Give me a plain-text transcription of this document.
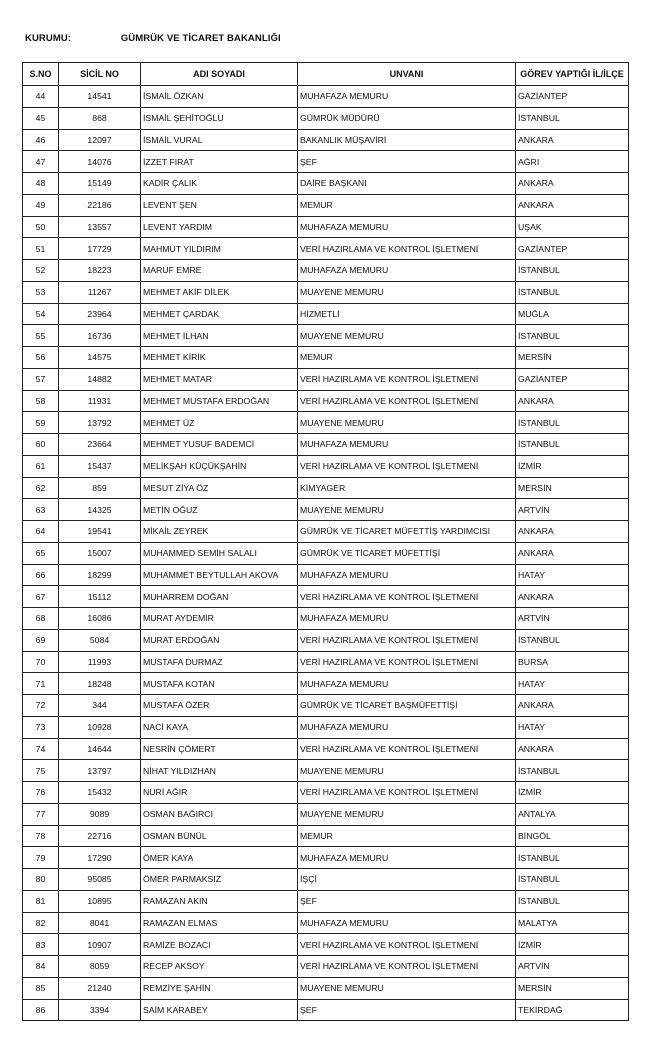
KURUMU:	GÜMRÜK VE TİCARET BAKANLIĞI
S.NO	SİCİL NO	ADI SOYADI	UNVANI	GÖREV YAPTIĞI İL/İLÇE
44	14541	İSMAİL ÖZKAN	MUHAFAZA MEMURU	GAZİANTEP
45	868	İSMAİL ŞEHİTOĞLU	GÜMRÜK MÜDÜRÜ	İSTANBUL
46	12097	İSMAİL VURAL	BAKANLIK MÜŞAVİRİ	ANKARA
47	14076	İZZET FIRAT	ŞEF	AĞRI
48	15149	KADİR ÇALIK	DAİRE BAŞKANI	ANKARA
49	22186	LEVENT ŞEN	MEMUR	ANKARA
50	13557	LEVENT YARDIM	MUHAFAZA MEMURU	UŞAK
51	17729	MAHMUT YILDIRIM	VERİ HAZIRLAMA VE KONTROL İŞLETMENİ	GAZİANTEP
52	18223	MARUF EMRE	MUHAFAZA MEMURU	İSTANBUL
53	11267	MEHMET AKİF DİLEK	MUAYENE MEMURU	İSTANBUL
54	23964	MEHMET ÇARDAK	HİZMETLİ	MUĞLA
55	16736	MEHMET İLHAN	MUAYENE MEMURU	İSTANBUL
56	14575	MEHMET KİRİK	MEMUR	MERSİN
57	14882	MEHMET MATAR	VERİ HAZIRLAMA VE KONTROL İŞLETMENİ	GAZİANTEP
58	11931	MEHMET MUSTAFA ERDOĞAN	VERİ HAZIRLAMA VE KONTROL İŞLETMENİ	ANKARA
59	13792	MEHMET ÜZ	MUAYENE MEMURU	İSTANBUL
60	23664	MEHMET YUSUF BADEMCİ	MUHAFAZA MEMURU	İSTANBUL
61	15437	MELİKŞAH KÜÇÜKŞAHİN	VERİ HAZIRLAMA VE KONTROL İŞLETMENİ	İZMİR
62	859	MESUT ZİYA ÖZ	KİMYAGER	MERSİN
63	14325	METİN OĞUZ	MUAYENE MEMURU	ARTVİN
64	19541	MİKAİL ZEYREK	GÜMRÜK VE TİCARET MÜFETTİŞ YARDIMCISI	ANKARA
65	15007	MUHAMMED SEMİH SALALI	GÜMRÜK VE TİCARET MÜFETTİŞİ	ANKARA
66	18299	MUHAMMET BEYTULLAH AKOVA	MUHAFAZA MEMURU	HATAY
67	15112	MUHARREM DOĞAN	VERİ HAZIRLAMA VE KONTROL İŞLETMENİ	ANKARA
68	16086	MURAT AYDEMİR	MUHAFAZA MEMURU	ARTVİN
69	5084	MURAT ERDOĞAN	VERİ HAZIRLAMA VE KONTROL İŞLETMENİ	İSTANBUL
70	11993	MUSTAFA DURMAZ	VERİ HAZIRLAMA VE KONTROL İŞLETMENİ	BURSA
71	18248	MUSTAFA KOTAN	MUHAFAZA MEMURU	HATAY
72	344	MUSTAFA ÖZER	GÜMRÜK VE TİCARET BAŞMÜFETTİŞİ	ANKARA
73	10928	NACİ KAYA	MUHAFAZA MEMURU	HATAY
74	14644	NESRİN ÇÖMERT	VERİ HAZIRLAMA VE KONTROL İŞLETMENİ	ANKARA
75	13797	NİHAT YILDIZHAN	MUAYENE MEMURU	İSTANBUL
76	15432	NURİ AĞIR	VERİ HAZIRLAMA VE KONTROL İŞLETMENİ	İZMİR
77	9089	OSMAN BAĞIRCI	MUAYENE MEMURU	ANTALYA
78	22716	OSMAN BÜNÜL	MEMUR	BİNGÖL
79	17290	ÖMER KAYA	MUHAFAZA MEMURU	İSTANBUL
80	95085	ÖMER PARMAKSIZ	İŞÇİ	İSTANBUL
81	10895	RAMAZAN AKIN	ŞEF	İSTANBUL
82	8041	RAMAZAN ELMAS	MUHAFAZA MEMURU	MALATYA
83	10907	RAMİZE BOZACI	VERİ HAZIRLAMA VE KONTROL İŞLETMENİ	İZMİR
84	8059	RECEP AKSOY	VERİ HAZIRLAMA VE KONTROL İŞLETMENİ	ARTVİN
85	21240	REMZİYE ŞAHİN	MUAYENE MEMURU	MERSİN
86	3394	SAİM KARABEY	ŞEF	TEKİRDAĞ
